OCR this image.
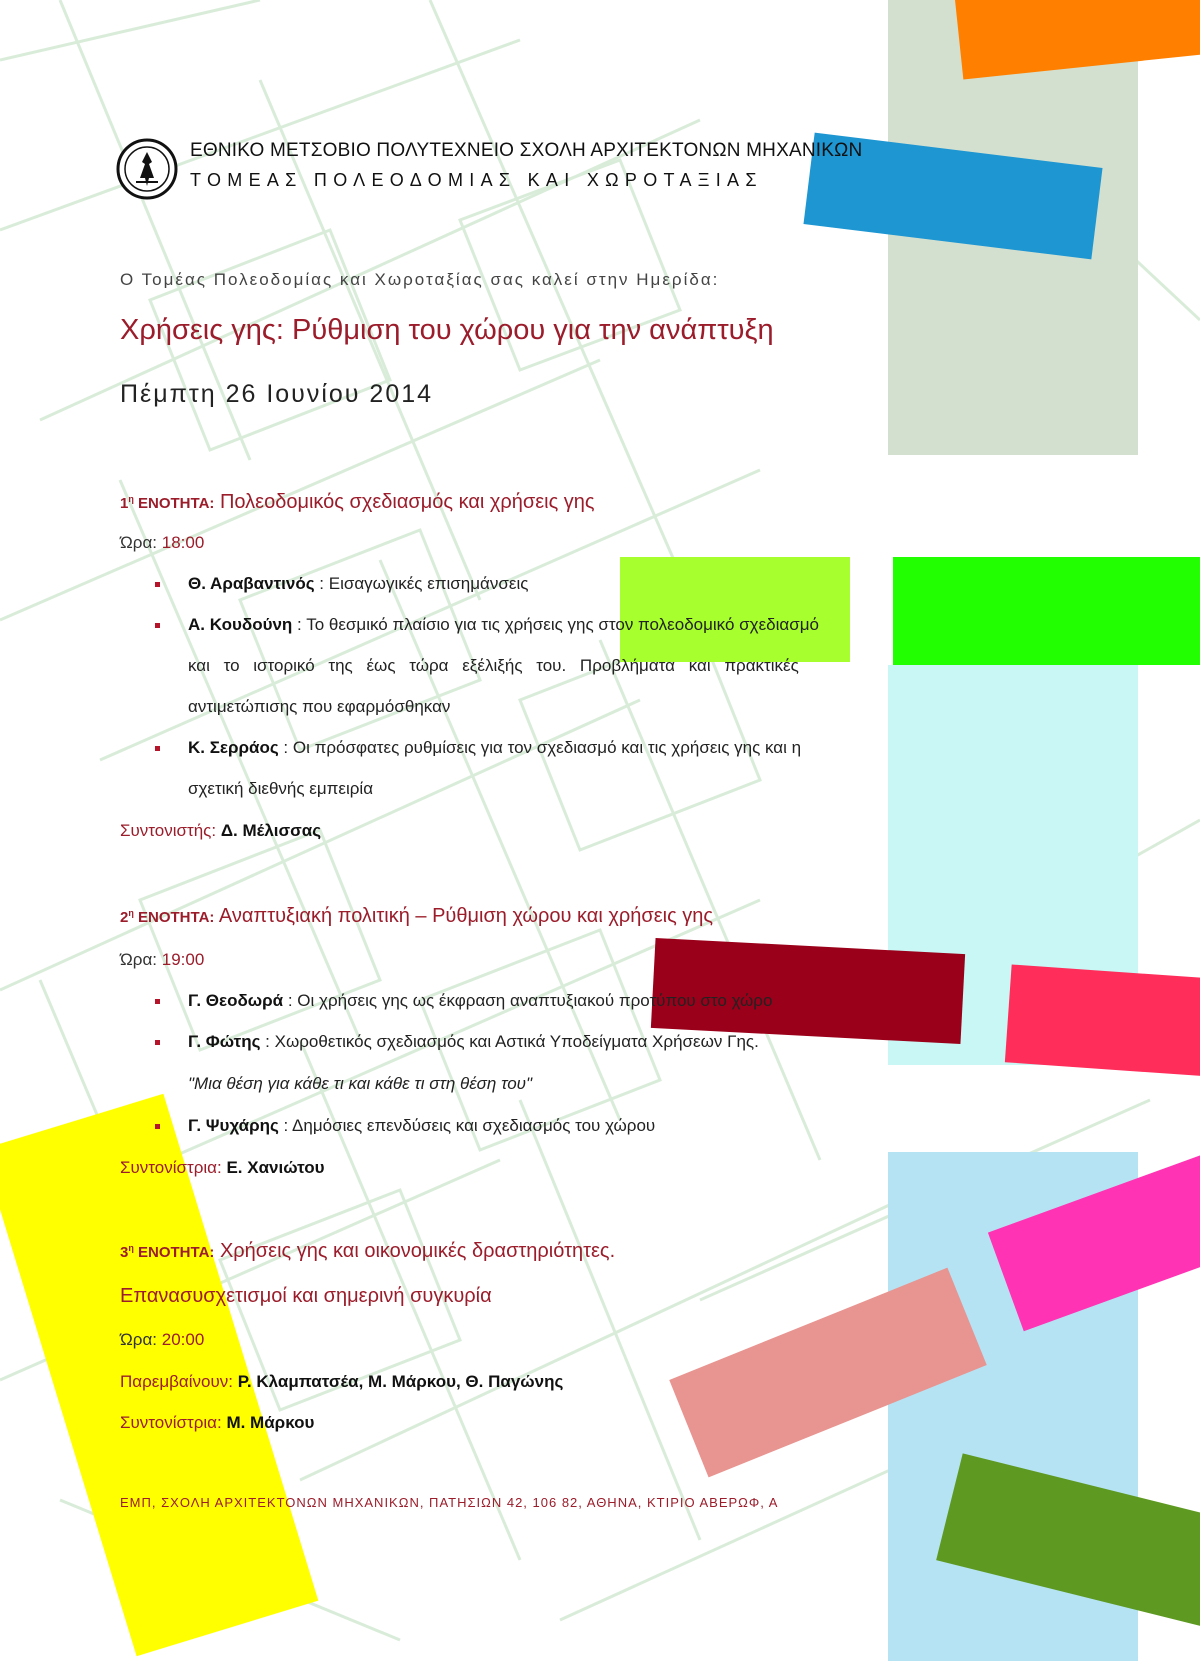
ΕΘΝΙΚΟ ΜΕΤΣΟΒΙΟ ΠΟΛΥΤΕΧΝΕΙΟ ΣΧΟΛΗ ΑΡΧΙΤΕΚΤΟΝΩΝ ΜΗΧΑΝΙΚΩΝ
ΤΟΜΕΑΣ ΠΟΛΕΟΔΟΜΙΑΣ ΚΑΙ ΧΩΡΟΤΑΞΙΑΣ
Ο Τομέας Πολεοδομίας και Χωροταξίας σας καλεί στην Ημερίδα:
Χρήσεις γης: Ρύθμιση του χώρου για την ανάπτυξη
Πέμπτη 26 Ιουνίου 2014
$1^\eta$ ΕΝΟΤΗΤΑ: Πολεοδομικός σχεδιασμός και χρήσεις γης
Ώρα: 18:00
Θ. Αραβαντινός : Εισαγωγικές επισημάνσεις
Α. Κουδούνη : Το θεσμικό πλαίσιο για τις χρήσεις γης στον πολεοδομικό σχεδιασμό
και το ιστορικό της έως τώρα εξέλιξής του. Προβλήματα και πρακτικές
αντιμετώπισης που εφαρμόσθηκαν
Κ. Σερράος : Οι πρόσφατες ρυθμίσεις για τον σχεδιασμό και τις χρήσεις γης και η
σχετική διεθνής εμπειρία
Συντονιστής: Δ. Μέλισσας
$2^\eta$ ΕΝΟΤΗΤΑ: Αναπτυξιακή πολιτική – Ρύθμιση χώρου και χρήσεις γης
Ώρα: 19:00
Γ. Θεοδωρά : Οι χρήσεις γης ως έκφραση αναπτυξιακού προτύπου στο χώρο
Γ. Φώτης : Χωροθετικός σχεδιασμός και Αστικά Υποδείγματα Χρήσεων Γης.
"Μια θέση για κάθε τι και κάθε τι στη θέση του"
Γ. Ψυχάρης : Δημόσιες επενδύσεις και σχεδιασμός του χώρου
Συντονίστρια: Ε. Χανιώτου
$3^\eta$ ΕΝΟΤΗΤΑ: Χρήσεις γης και οικονομικές δραστηριότητες.
Επανασυσχετισμοί και σημερινή συγκυρία
Ώρα: 20:00
Παρεμβαίνουν: Ρ. Κλαμπατσέα, Μ. Μάρκου, Θ. Παγώνης
Συντονίστρια: Μ. Μάρκου
ΕΜΠ, ΣΧΟΛΗ ΑΡΧΙΤΕΚΤΟΝΩΝ ΜΗΧΑΝΙΚΩΝ, ΠΑΤΗΣΙΩΝ 42, 106 82, ΑΘΗΝΑ, ΚΤΙΡΙΟ ΑΒΕΡΩΦ, Α
